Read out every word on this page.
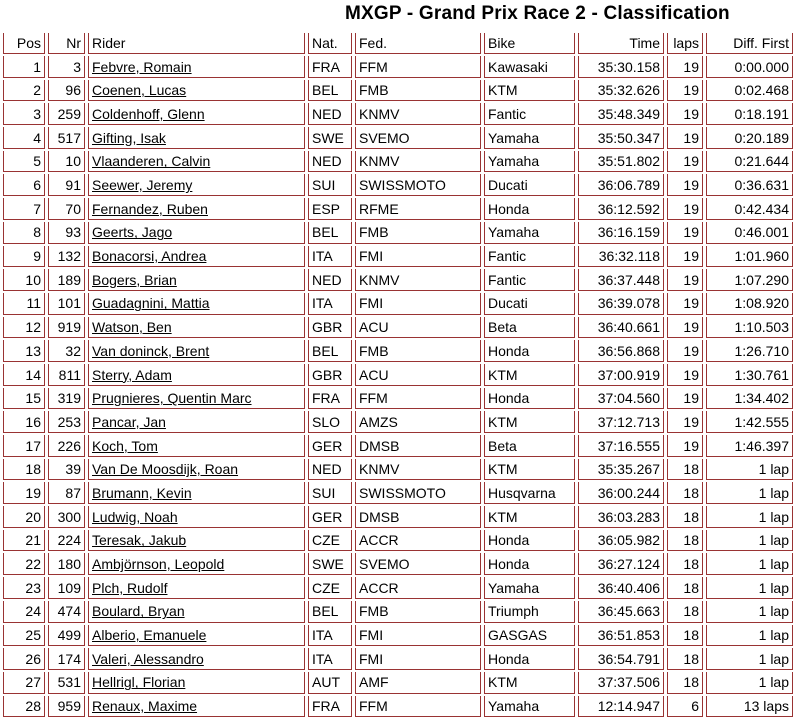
MXGP - Grand Prix Race 2 - Classification
Pos	Nr	Rider	Nat.	Fed.	Bike	Time	laps	Diff. First
1	3	Febvre, Romain	FRA	FFM	Kawasaki	35:30.158	19	0:00.000
2	96	Coenen, Lucas	BEL	FMB	KTM	35:32.626	19	0:02.468
3	259	Coldenhoff, Glenn	NED	KNMV	Fantic	35:48.349	19	0:18.191
4	517	Gifting, Isak	SWE	SVEMO	Yamaha	35:50.347	19	0:20.189
5	10	Vlaanderen, Calvin	NED	KNMV	Yamaha	35:51.802	19	0:21.644
6	91	Seewer, Jeremy	SUI	SWISSMOTO	Ducati	36:06.789	19	0:36.631
7	70	Fernandez, Ruben	ESP	RFME	Honda	36:12.592	19	0:42.434
8	93	Geerts, Jago	BEL	FMB	Yamaha	36:16.159	19	0:46.001
9	132	Bonacorsi, Andrea	ITA	FMI	Fantic	36:32.118	19	1:01.960
10	189	Bogers, Brian	NED	KNMV	Fantic	36:37.448	19	1:07.290
11	101	Guadagnini, Mattia	ITA	FMI	Ducati	36:39.078	19	1:08.920
12	919	Watson, Ben	GBR	ACU	Beta	36:40.661	19	1:10.503
13	32	Van doninck, Brent	BEL	FMB	Honda	36:56.868	19	1:26.710
14	811	Sterry, Adam	GBR	ACU	KTM	37:00.919	19	1:30.761
15	319	Prugnieres, Quentin Marc	FRA	FFM	Honda	37:04.560	19	1:34.402
16	253	Pancar, Jan	SLO	AMZS	KTM	37:12.713	19	1:42.555
17	226	Koch, Tom	GER	DMSB	Beta	37:16.555	19	1:46.397
18	39	Van De Moosdijk, Roan	NED	KNMV	KTM	35:35.267	18	1 lap
19	87	Brumann, Kevin	SUI	SWISSMOTO	Husqvarna	36:00.244	18	1 lap
20	300	Ludwig, Noah	GER	DMSB	KTM	36:03.283	18	1 lap
21	224	Teresak, Jakub	CZE	ACCR	Honda	36:05.982	18	1 lap
22	180	Ambjörnson, Leopold	SWE	SVEMO	Honda	36:27.124	18	1 lap
23	109	Plch, Rudolf	CZE	ACCR	Yamaha	36:40.406	18	1 lap
24	474	Boulard, Bryan	BEL	FMB	Triumph	36:45.663	18	1 lap
25	499	Alberio, Emanuele	ITA	FMI	GASGAS	36:51.853	18	1 lap
26	174	Valeri, Alessandro	ITA	FMI	Honda	36:54.791	18	1 lap
27	531	Hellrigl, Florian	AUT	AMF	KTM	37:37.506	18	1 lap
28	959	Renaux, Maxime	FRA	FFM	Yamaha	12:14.947	6	13 laps
